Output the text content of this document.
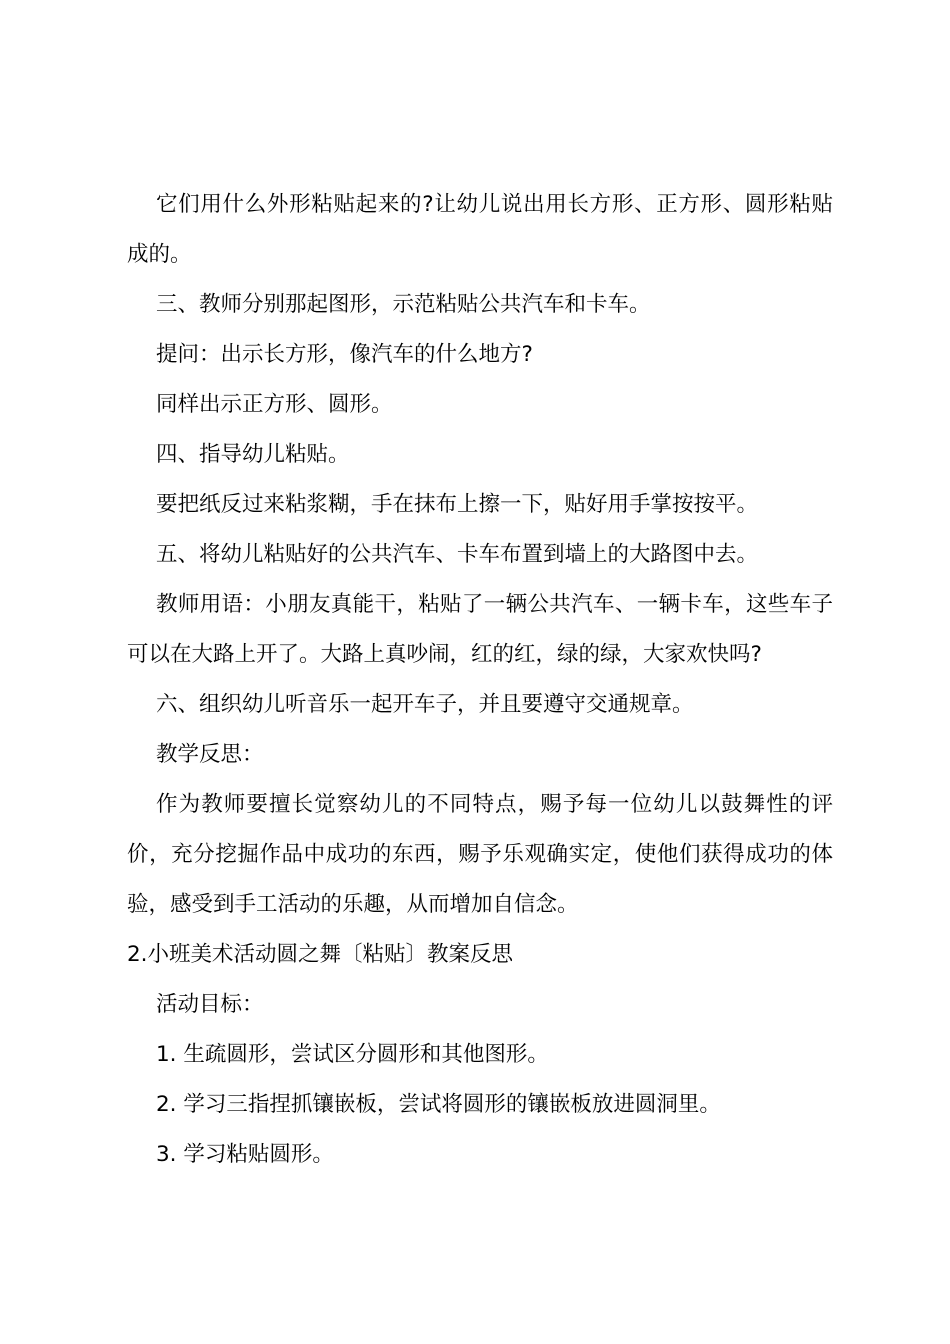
它们用什么外形粘贴起来的?让幼儿说出用长方形、正方形、圆形粘贴成的。

三、教师分别那起图形，示范粘贴公共汽车和卡车。

提问：出示长方形，像汽车的什么地方?

同样出示正方形、圆形。

四、指导幼儿粘贴。

要把纸反过来粘浆糊，手在抹布上擦一下，贴好用手掌按按平。

五、将幼儿粘贴好的公共汽车、卡车布置到墙上的大路图中去。

教师用语：小朋友真能干，粘贴了一辆公共汽车、一辆卡车，这些车子可以在大路上开了。大路上真吵闹，红的红，绿的绿，大家欢快吗?

六、组织幼儿听音乐一起开车子，并且要遵守交通规章。

教学反思：

作为教师要擅长觉察幼儿的不同特点，赐予每一位幼儿以鼓舞性的评价，充分挖掘作品中成功的东西，赐予乐观确实定，使他们获得成功的体验，感受到手工活动的乐趣，从而增加自信念。

2.小班美术活动圆之舞〔粘贴〕教案反思

活动目标：

1. 生疏圆形，尝试区分圆形和其他图形。

2. 学习三指捏抓镶嵌板，尝试将圆形的镶嵌板放进圆洞里。

3. 学习粘贴圆形。
